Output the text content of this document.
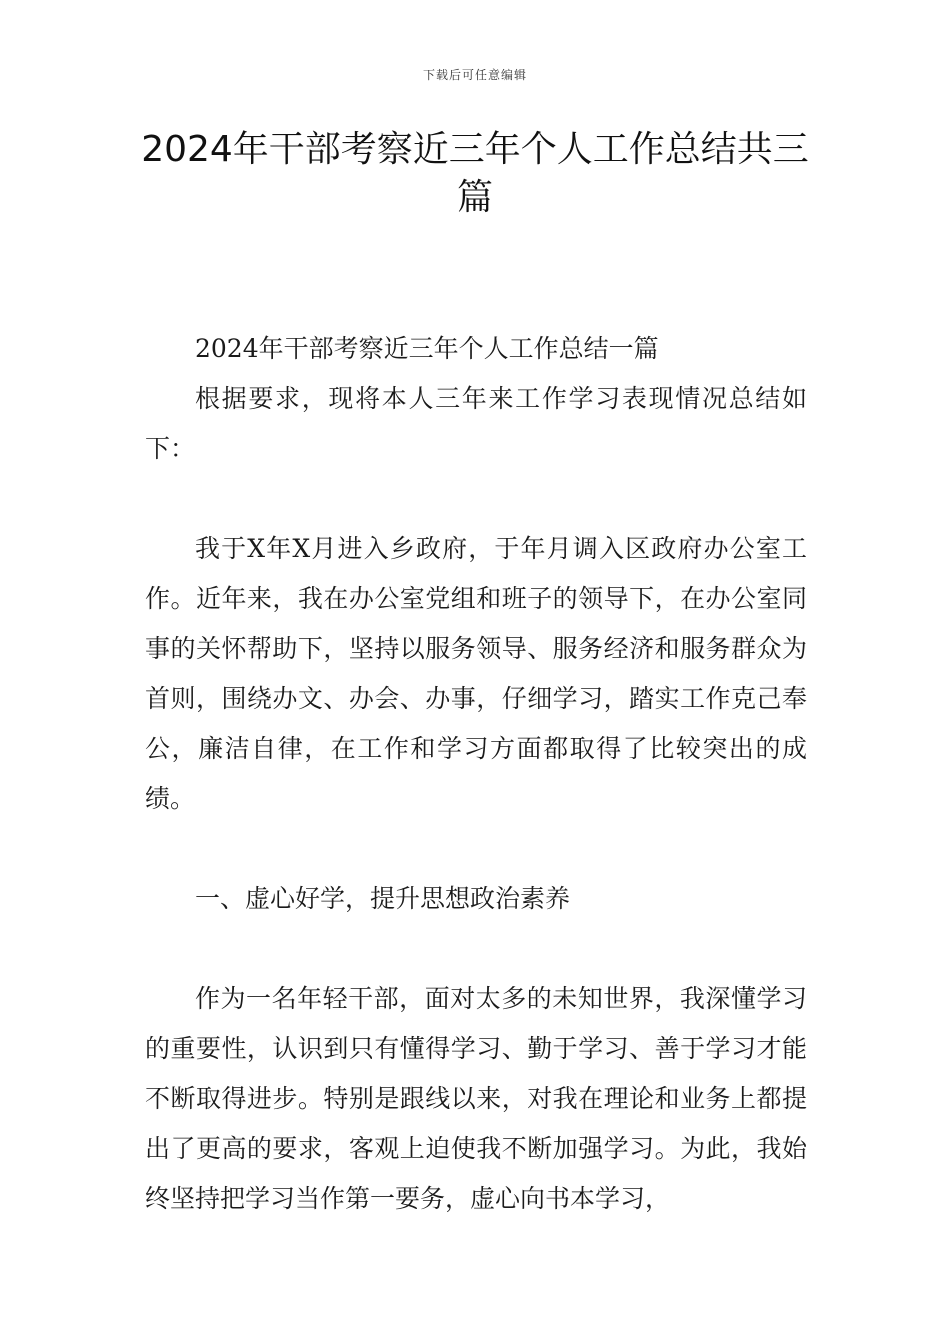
下载后可任意编辑
2024年干部考察近三年个人工作总结共三篇

2024年干部考察近三年个人工作总结一篇

根据要求，现将本人三年来工作学习表现情况总结如下：

我于X年X月进入乡政府，于年月调入区政府办公室工作。近年来，我在办公室党组和班子的领导下，在办公室同事的关怀帮助下，坚持以服务领导、服务经济和服务群众为首则，围绕办文、办会、办事，仔细学习，踏实工作克己奉公，廉洁自律，在工作和学习方面都取得了比较突出的成绩。

一、虚心好学，提升思想政治素养

作为一名年轻干部，面对太多的未知世界，我深懂学习的重要性，认识到只有懂得学习、勤于学习、善于学习才能不断取得进步。特别是跟线以来，对我在理论和业务上都提出了更高的要求，客观上迫使我不断加强学习。为此，我始终坚持把学习当作第一要务，虚心向书本学习，
